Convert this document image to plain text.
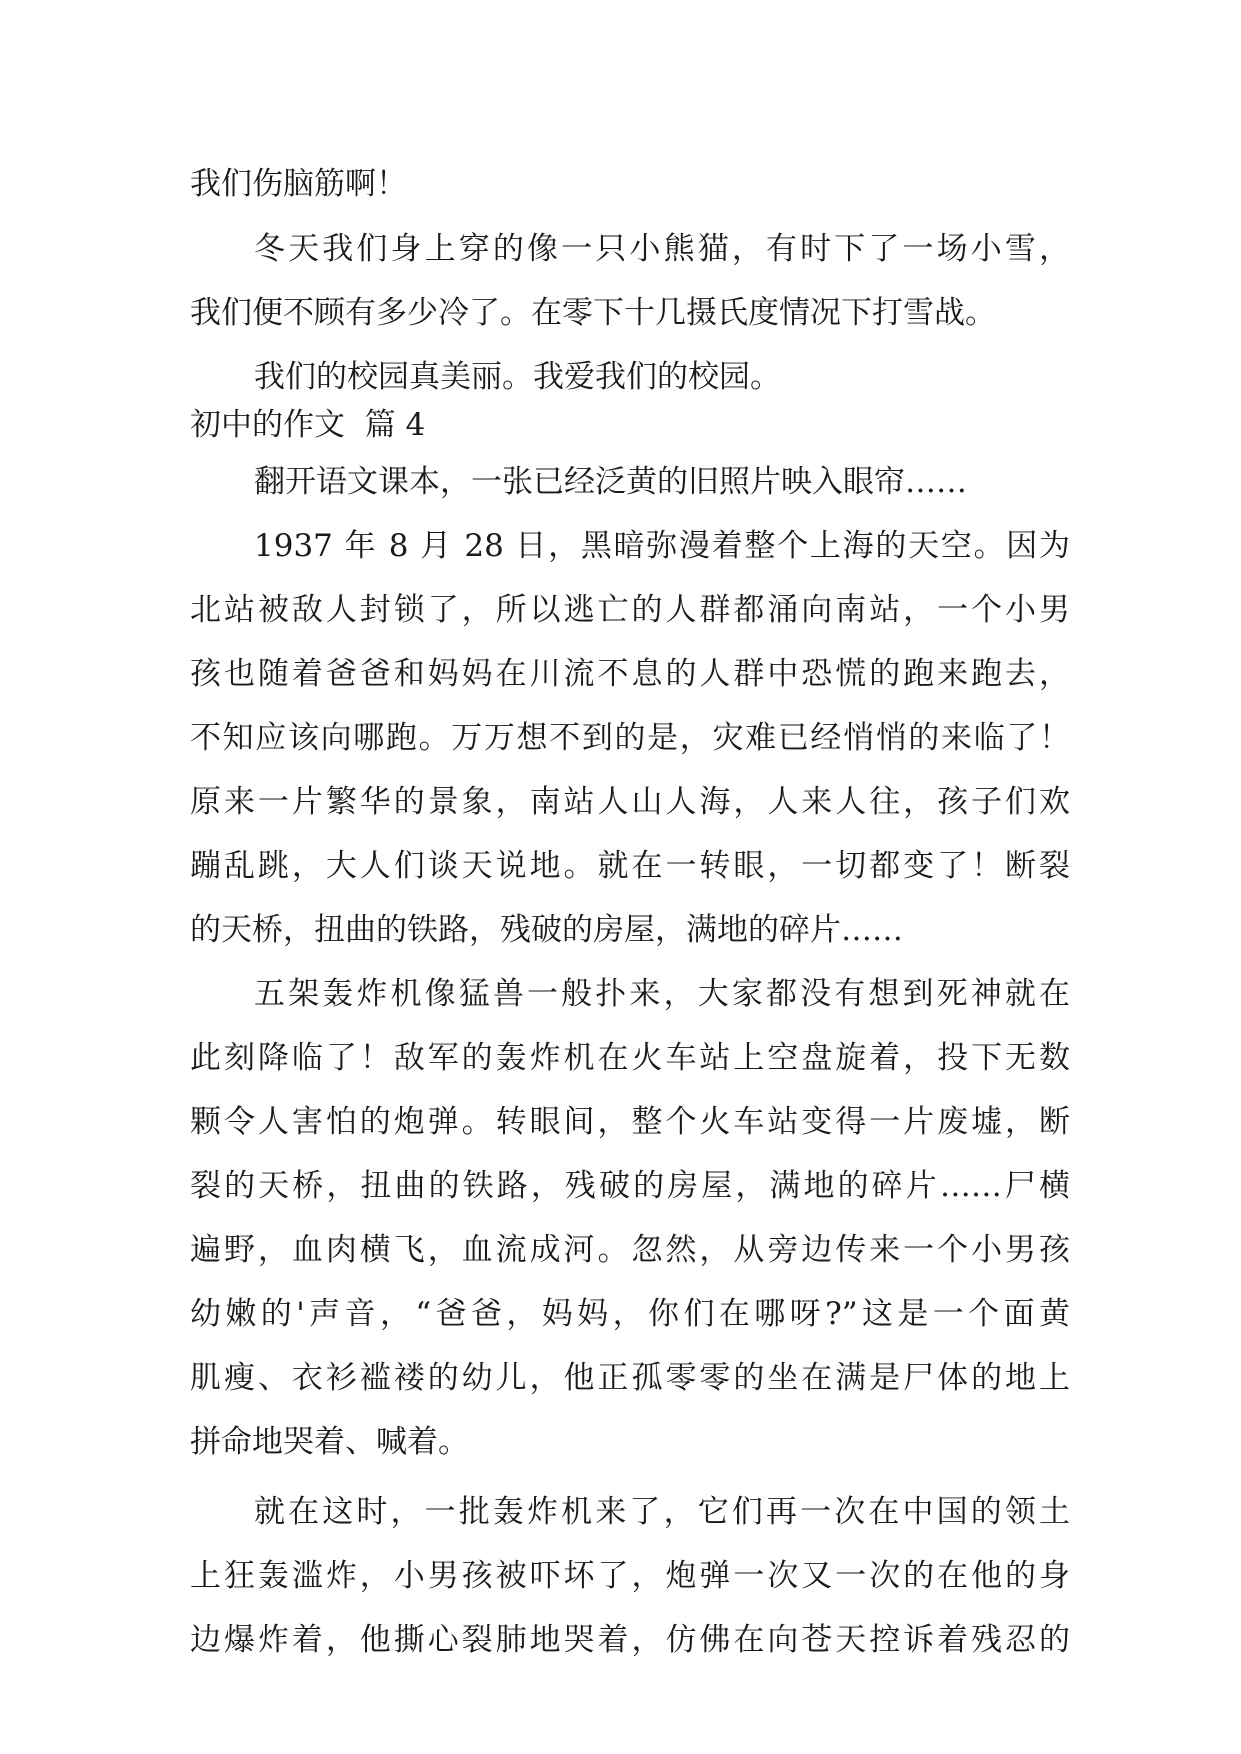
我们伤脑筋啊！
冬天我们身上穿的像一只小熊猫，有时下了一场小雪，
我们便不顾有多少冷了。在零下十几摄氏度情况下打雪战。
我们的校园真美丽。我爱我们的校园。
初中的作文  篇 4
翻开语文课本，一张已经泛黄的旧照片映入眼帘……
1937 年 8 月 28 日，黑暗弥漫着整个上海的天空。因为
北站被敌人封锁了，所以逃亡的人群都涌向南站，一个小男
孩也随着爸爸和妈妈在川流不息的人群中恐慌的跑来跑去，
不知应该向哪跑。万万想不到的是，灾难已经悄悄的来临了！
原来一片繁华的景象，南站人山人海，人来人往，孩子们欢
蹦乱跳，大人们谈天说地。就在一转眼，一切都变了！断裂
的天桥，扭曲的铁路，残破的房屋，满地的碎片……
五架轰炸机像猛兽一般扑来，大家都没有想到死神就在
此刻降临了！敌军的轰炸机在火车站上空盘旋着，投下无数
颗令人害怕的炮弹。转眼间，整个火车站变得一片废墟，断
裂的天桥，扭曲的铁路，残破的房屋，满地的碎片……尸横
遍野，血肉横飞，血流成河。忽然，从旁边传来一个小男孩
幼嫩的'声音，“爸爸，妈妈，你们在哪呀?”这是一个面黄
肌瘦、衣衫褴褛的幼儿，他正孤零零的坐在满是尸体的地上
拼命地哭着、喊着。
就在这时，一批轰炸机来了，它们再一次在中国的领土
上狂轰滥炸，小男孩被吓坏了，炮弹一次又一次的在他的身
边爆炸着，他撕心裂肺地哭着，仿佛在向苍天控诉着残忍的
